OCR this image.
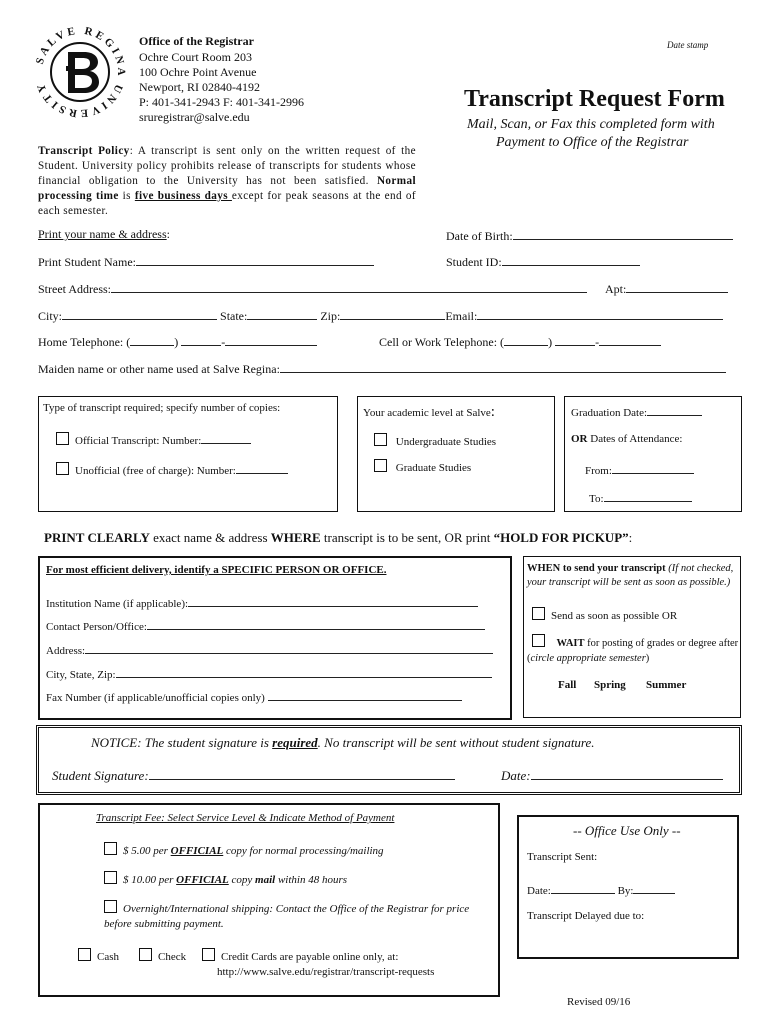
SALVE REGINA UNIVERSITY
Office of the Registrar
Ochre Court Room 203
100 Ochre Point Avenue
Newport, RI 02840-4192
P: 401-341-2943 F: 401-341-2996
sruregistrar@salve.edu
Date stamp
Transcript Request Form
Mail, Scan, or Fax this completed form with
Payment to Office of the Registrar
Transcript Policy: A transcript is sent only on the written request of the Student. University policy prohibits release of transcripts for students whose financial obligation to the University has not been satisfied. Normal processing time is five business days except for peak seasons at the end of each semester.
Print your name & address:	Date of Birth:
Print Student Name:	Student ID:
Street Address:	Apt:
City:	State:	Zip:	Email:
Home Telephone: (	)	-	Cell or Work Telephone: (	)	-
Maiden name or other name used at Salve Regina:
Type of transcript required; specify number of copies:
Official Transcript: Number:
Unofficial (free of charge): Number:
Your academic level at Salve:
Undergraduate Studies
Graduate Studies
Graduation Date:
OR Dates of Attendance:
From:
To:
PRINT CLEARLY exact name & address WHERE transcript is to be sent, OR print “HOLD FOR PICKUP”:
For most efficient delivery, identify a SPECIFIC PERSON OR OFFICE.
Institution Name (if applicable):
Contact Person/Office:
Address:
City, State, Zip:
Fax Number (if applicable/unofficial copies only)
WHEN to send your transcript (If not checked, your transcript will be sent as soon as possible.)
Send as soon as possible OR
WAIT for posting of grades or degree after (circle appropriate semester)
Fall Spring Summer
NOTICE: The student signature is required. No transcript will be sent without student signature.
Student Signature:	Date:
Transcript Fee: Select Service Level & Indicate Method of Payment
$ 5.00 per OFFICIAL copy for normal processing/mailing
$ 10.00 per OFFICIAL copy mail within 48 hours
Overnight/International shipping: Contact the Office of the Registrar for price before submitting payment.
Cash	Check	Credit Cards are payable online only, at:
http://www.salve.edu/registrar/transcript-requests
-- Office Use Only --
Transcript Sent:
Date:	By:
Transcript Delayed due to:
Revised 09/16
